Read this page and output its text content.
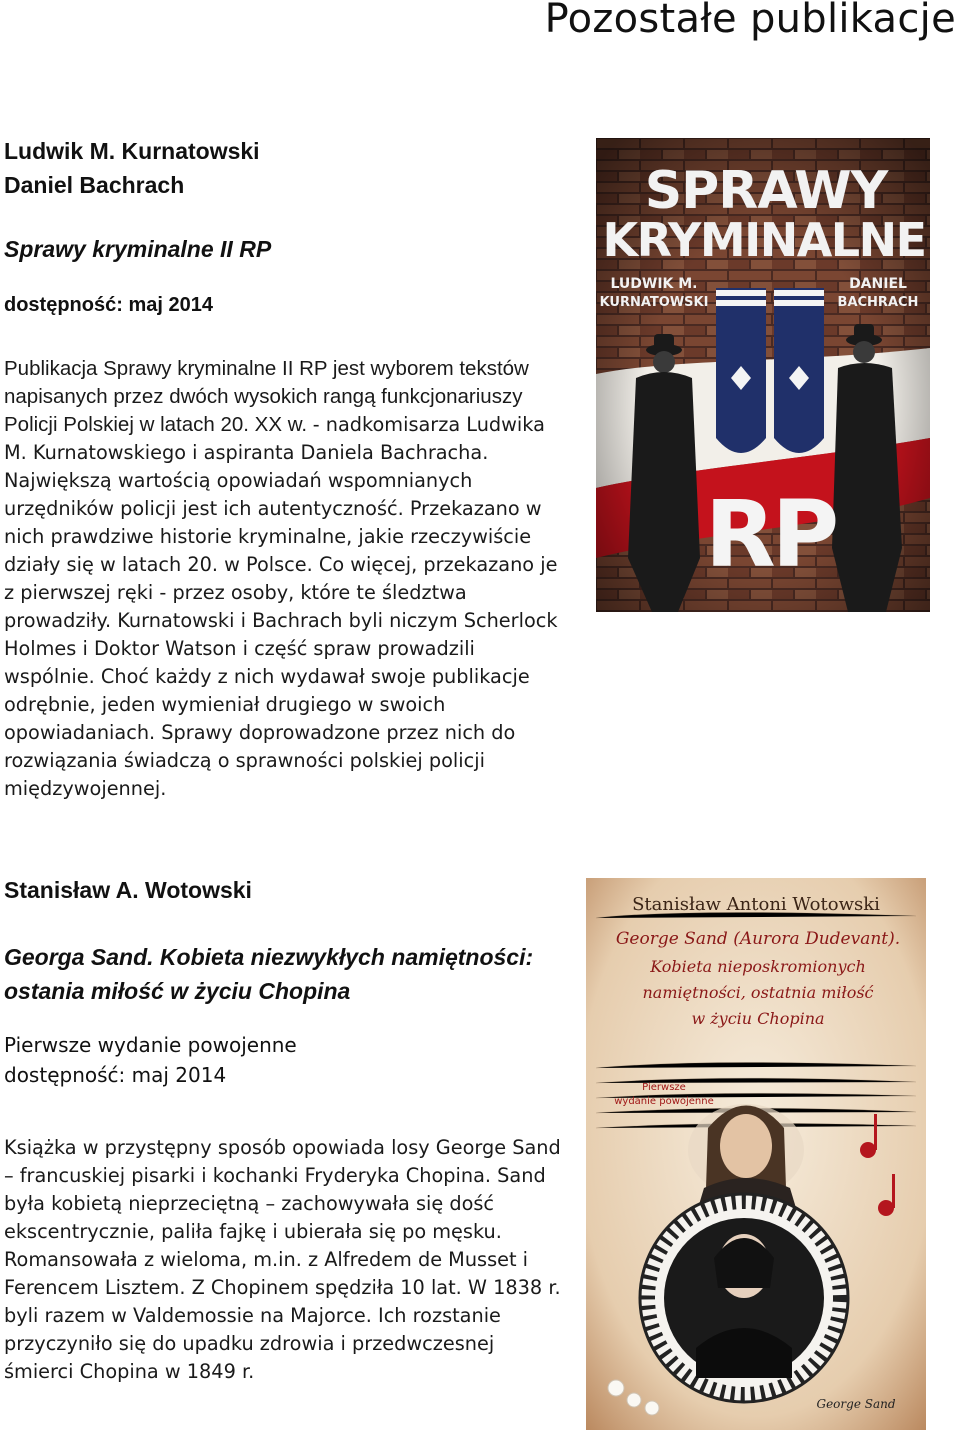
Pozostałe publikacje
Ludwik M. Kurnatowski
Daniel Bachrach
Sprawy kryminalne II RP
dostępność: maj 2014
Publikacja Sprawy kryminalne II RP jest wyborem tekstów napisanych przez dwóch wysokich rangą funkcjonariuszy Policji Polskiej w latach 20. XX w. - nadkomisarza Ludwika M. Kurnatowskiego i aspiranta Daniela Bachracha. Największą wartością opowiadań wspomnianych urzędników policji jest ich autentyczność. Przekazano w nich prawdziwe historie kryminalne, jakie rzeczywiście działy się w latach 20. w Polsce. Co więcej, przekazano je z pierwszej ręki - przez osoby, które te śledztwa prowadziły. Kurnatowski i Bachrach byli niczym Scherlock Holmes i Doktor Watson i część spraw prowadzili wspólnie. Choć każdy z nich wydawał swoje publikacje odrębnie, jeden wymieniał drugiego w swoich opowiadaniach. Sprawy doprowadzone przez nich do rozwiązania świadczą o sprawności polskiej policji międzywojennej.
SPRAWY
KRYMINALNE
LUDWIK M.
KURNATOWSKI
DANIEL
BACHRACH
RP
Stanisław A. Wotowski
Georga Sand. Kobieta niezwykłych namiętności: ostania miłość w życiu Chopina
Pierwsze wydanie powojenne
dostępność: maj 2014
Książka w przystępny sposób opowiada losy George Sand – francuskiej pisarki i kochanki Fryderyka Chopina. Sand była kobietą nieprzeciętną – zachowywała się dość ekscentrycznie, paliła fajkę i ubierała się po męsku. Romansowała z wieloma, m.in. z Alfredem de Musset i Ferencem Lisztem. Z Chopinem spędziła 10 lat. W 1838 r. byli razem w Valdemossie na Majorce. Ich rozstanie przyczyniło się do upadku zdrowia i przedwczesnej śmierci Chopina w 1849 r.
Stanisław Antoni Wotowski
George Sand (Aurora Dudevant).
Kobieta nieposkromionych
namiętności, ostatnia miłość
w życiu Chopina
Pierwsze
wydanie powojenne
George Sand
